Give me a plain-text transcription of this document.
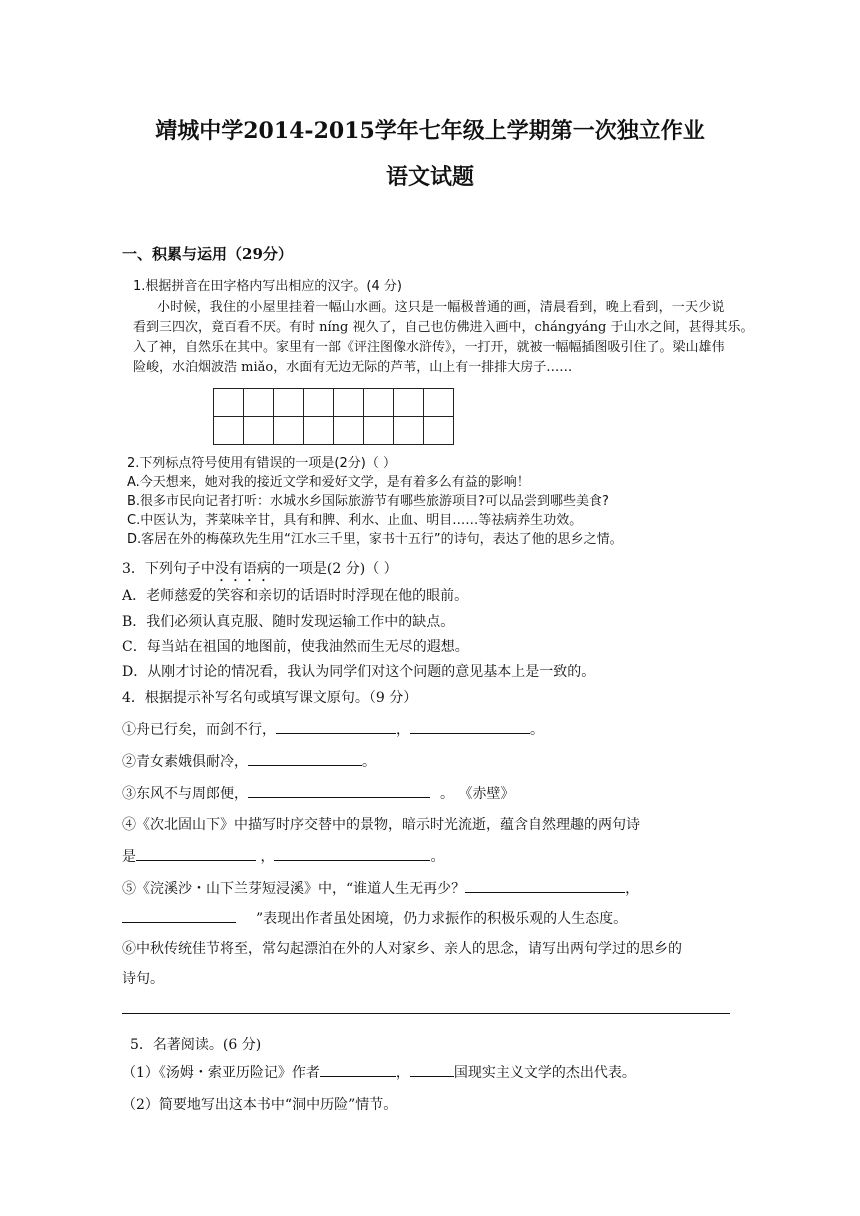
靖城中学2014-2015学年七年级上学期第一次独立作业
语文试题
一、积累与运用（29分）
1.根据拼音在田字格内写出相应的汉字。(4 分)
小时候，我住的小屋里挂着一幅山水画。这只是一幅极普通的画，清晨看到，晚上看到，一天少说
看到三四次，竟百看不厌。有时 níng 视久了，自己也仿佛进入画中，chángyáng 于山水之间，甚得其乐。
入了神，自然乐在其中。家里有一部《评注图像水浒传》，一打开，就被一幅幅插图吸引住了。梁山雄伟
险峻，水泊烟波浩 miǎo，水面有无边无际的芦苇，山上有一排排大房子……

2.下列标点符号使用有错误的一项是(2分)（ ）
A.今天想来，她对我的接近文学和爱好文学，是有着多么有益的影响！
B.很多市民向记者打听：水城水乡国际旅游节有哪些旅游项目?可以品尝到哪些美食?
C.中医认为，荠菜味辛甘，具有和脾、利水、止血、明目……等祛病养生功效。
D.客居在外的梅葆玖先生用“江水三千里，家书十五行”的诗句，表达了他的思乡之情。
3．下列句子中没有语病的一项是(2 分)（ ）
A．老师慈爱的笑容和亲切的话语时时浮现在他的眼前。
B．我们必须认真克服、随时发现运输工作中的缺点。
C．每当站在祖国的地图前，使我油然而生无尽的遐想。
D．从刚才讨论的情况看，我认为同学们对这个问题的意见基本上是一致的。
4．根据提示补写名句或填写课文原句。（9 分）
①舟已行矣，而剑不行，	，	。
②青女素娥俱耐冷，	。
③东风不与周郎便，	。 《赤壁》
④《次北固山下》中描写时序交替中的景物，暗示时光流逝，蕴含自然理趣的两句诗
是	，	。
⑤《浣溪沙・山下兰芽短浸溪》中，“谁道人生无再少？	，
”表现出作者虽处困境，仍力求振作的积极乐观的人生态度。
⑥中秋传统佳节将至，常勾起漂泊在外的人对家乡、亲人的思念，请写出两句学过的思乡的
诗句。
5．名著阅读。(6 分)
（1）《汤姆・索亚历险记》作者	，	国现实主义文学的杰出代表。
（2）简要地写出这本书中“洞中历险”情节。
